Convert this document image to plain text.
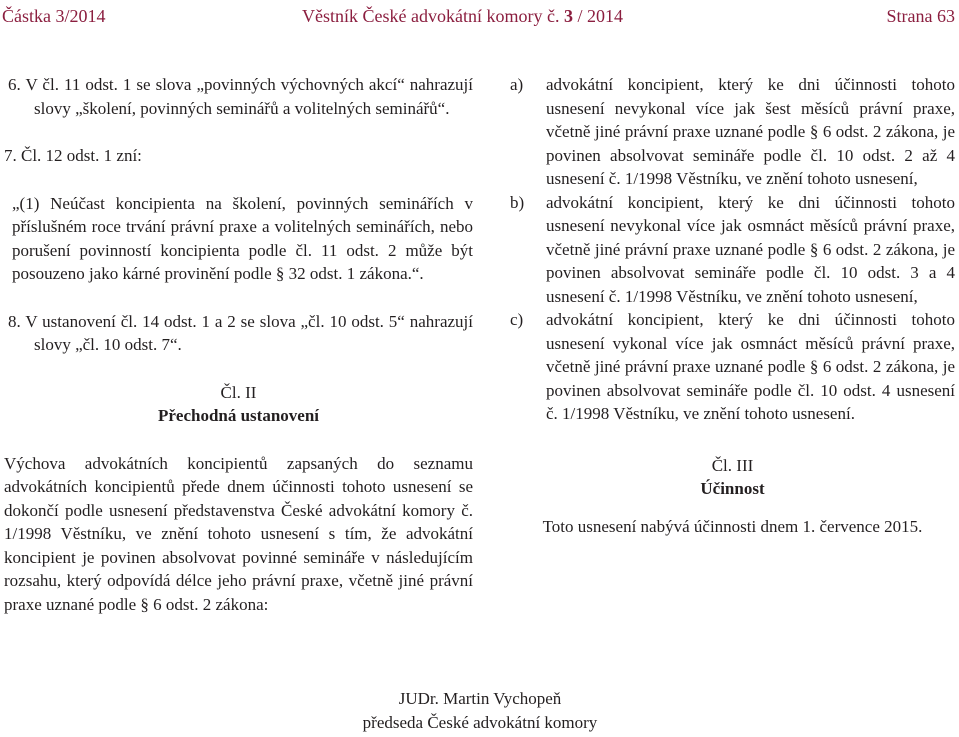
Částka 3/2014	Věstník České advokátní komory č. 3 / 2014	Strana 63

6. V čl. 11 odst. 1 se slova „povinných výchovných akcí“ nahrazují slovy „školení, povinných seminářů a volitelných seminářů“.

7. Čl. 12 odst. 1 zní:

„(1) Neúčast koncipienta na školení, povinných seminářích v příslušném roce trvání právní praxe a volitelných seminářích, nebo porušení povinností koncipienta podle čl. 11 odst. 2 může být posouzeno jako kárné provinění podle § 32 odst. 1 zákona.“.

8. V ustanovení čl. 14 odst. 1 a 2 se slova „čl. 10 odst. 5“ nahrazují slovy „čl. 10 odst. 7“.

Čl. II

Přechodná ustanovení

Výchova advokátních koncipientů zapsaných do seznamu advokátních koncipientů přede dnem účinnosti tohoto usnesení se dokončí podle usnesení představenstva České advokátní komory č. 1/1998 Věstníku, ve znění tohoto usnesení s tím, že advokátní koncipient je povinen absolvovat povinné semináře v následujícím rozsahu, který odpovídá délce jeho právní praxe, včetně jiné právní praxe uznané podle § 6 odst. 2 zákona:

a) advokátní koncipient, který ke dni účinnosti tohoto usnesení nevykonal více jak šest měsíců právní praxe, včetně jiné právní praxe uznané podle § 6 odst. 2 zákona, je povinen absolvovat semináře podle čl. 10 odst. 2 až 4 usnesení č. 1/1998 Věstníku, ve znění tohoto usnesení,

b) advokátní koncipient, který ke dni účinnosti tohoto usnesení nevykonal více jak osmnáct měsíců právní praxe, včetně jiné právní praxe uznané podle § 6 odst. 2 zákona, je povinen absolvovat semináře podle čl. 10 odst. 3 a 4 usnesení č. 1/1998 Věstníku, ve znění tohoto usnesení,

c) advokátní koncipient, který ke dni účinnosti tohoto usnesení vykonal více jak osmnáct měsíců právní praxe, včetně jiné právní praxe uznané podle § 6 odst. 2 zákona, je povinen absolvovat semináře podle čl. 10 odst. 4 usnesení č. 1/1998 Věstníku, ve znění tohoto usnesení.

Čl. III

Účinnost

Toto usnesení nabývá účinnosti dnem 1. července 2015.

JUDr. Martin Vychopeň

předseda České advokátní komory
